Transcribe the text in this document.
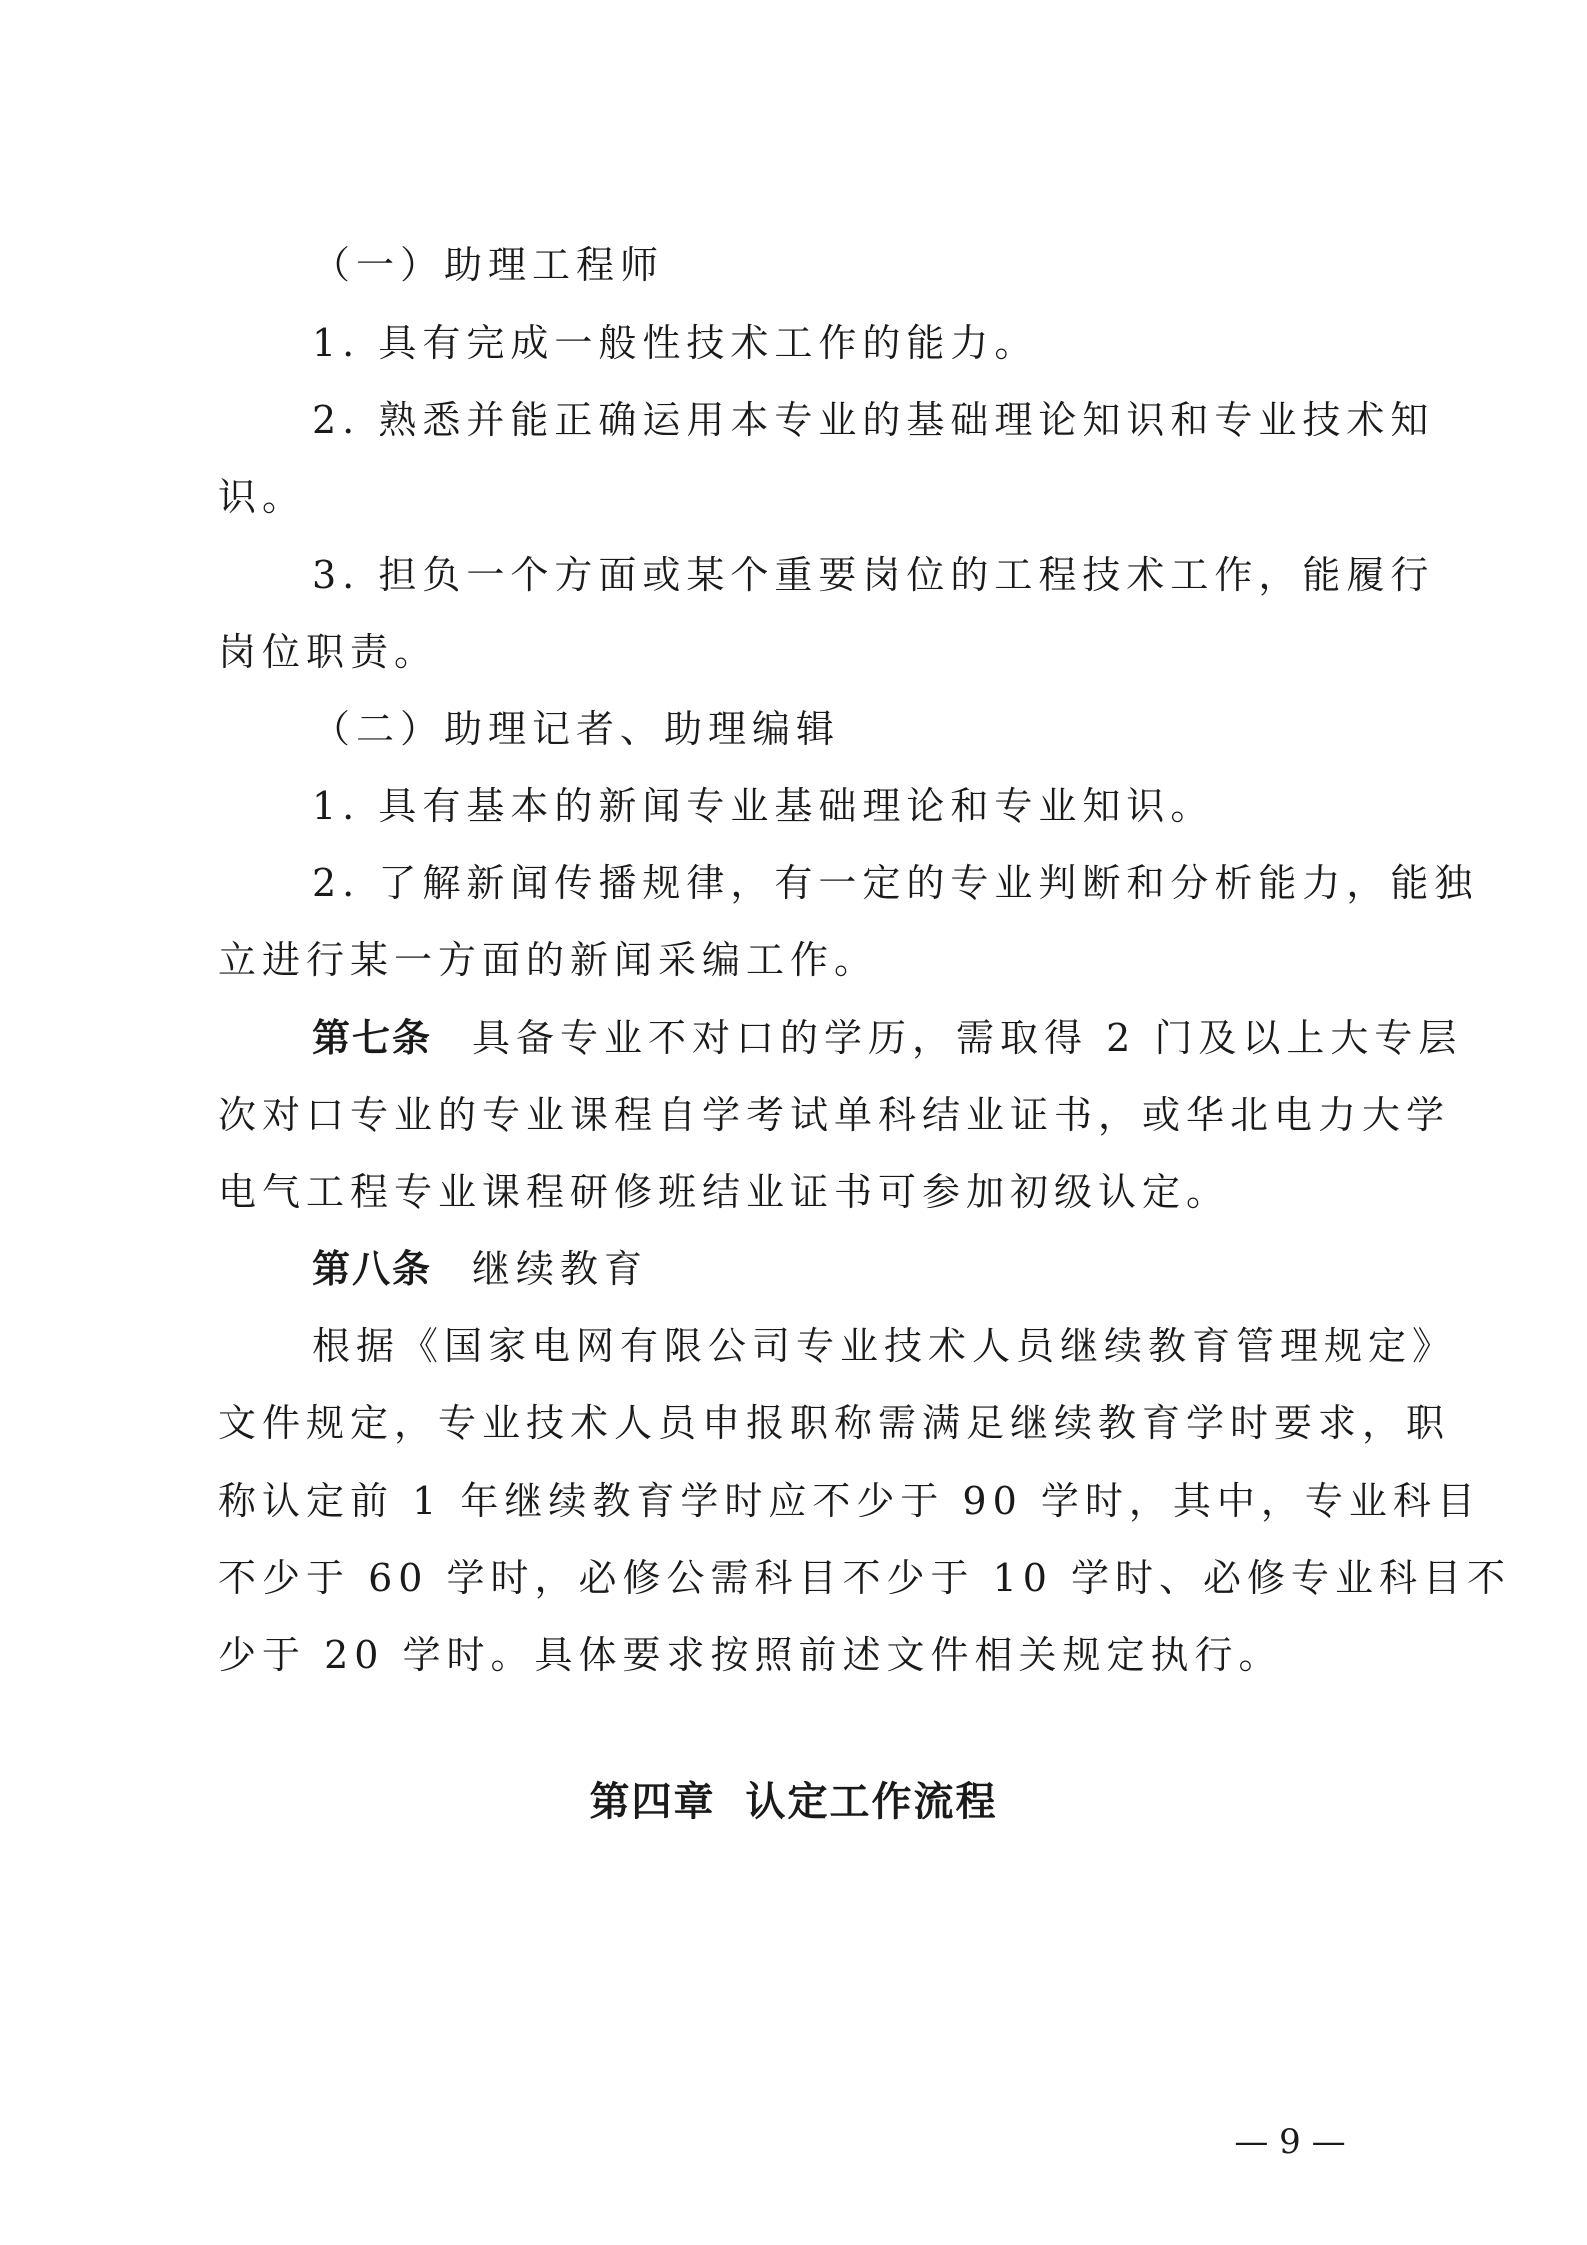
（一）助理工程师
1. 具有完成一般性技术工作的能力。
2. 熟悉并能正确运用本专业的基础理论知识和专业技术知
识。
3. 担负一个方面或某个重要岗位的工程技术工作，能履行
岗位职责。
（二）助理记者、助理编辑
1. 具有基本的新闻专业基础理论和专业知识。
2. 了解新闻传播规律，有一定的专业判断和分析能力，能独
立进行某一方面的新闻采编工作。
第七条 具备专业不对口的学历，需取得 2 门及以上大专层
次对口专业的专业课程自学考试单科结业证书，或华北电力大学
电气工程专业课程研修班结业证书可参加初级认定。
第八条 继续教育
根据《国家电网有限公司专业技术人员继续教育管理规定》
文件规定，专业技术人员申报职称需满足继续教育学时要求，职
称认定前 1 年继续教育学时应不少于 90 学时，其中，专业科目
不少于 60 学时，必修公需科目不少于 10 学时、必修专业科目不
少于 20 学时。具体要求按照前述文件相关规定执行。
第四章 认定工作流程
— 9 —
